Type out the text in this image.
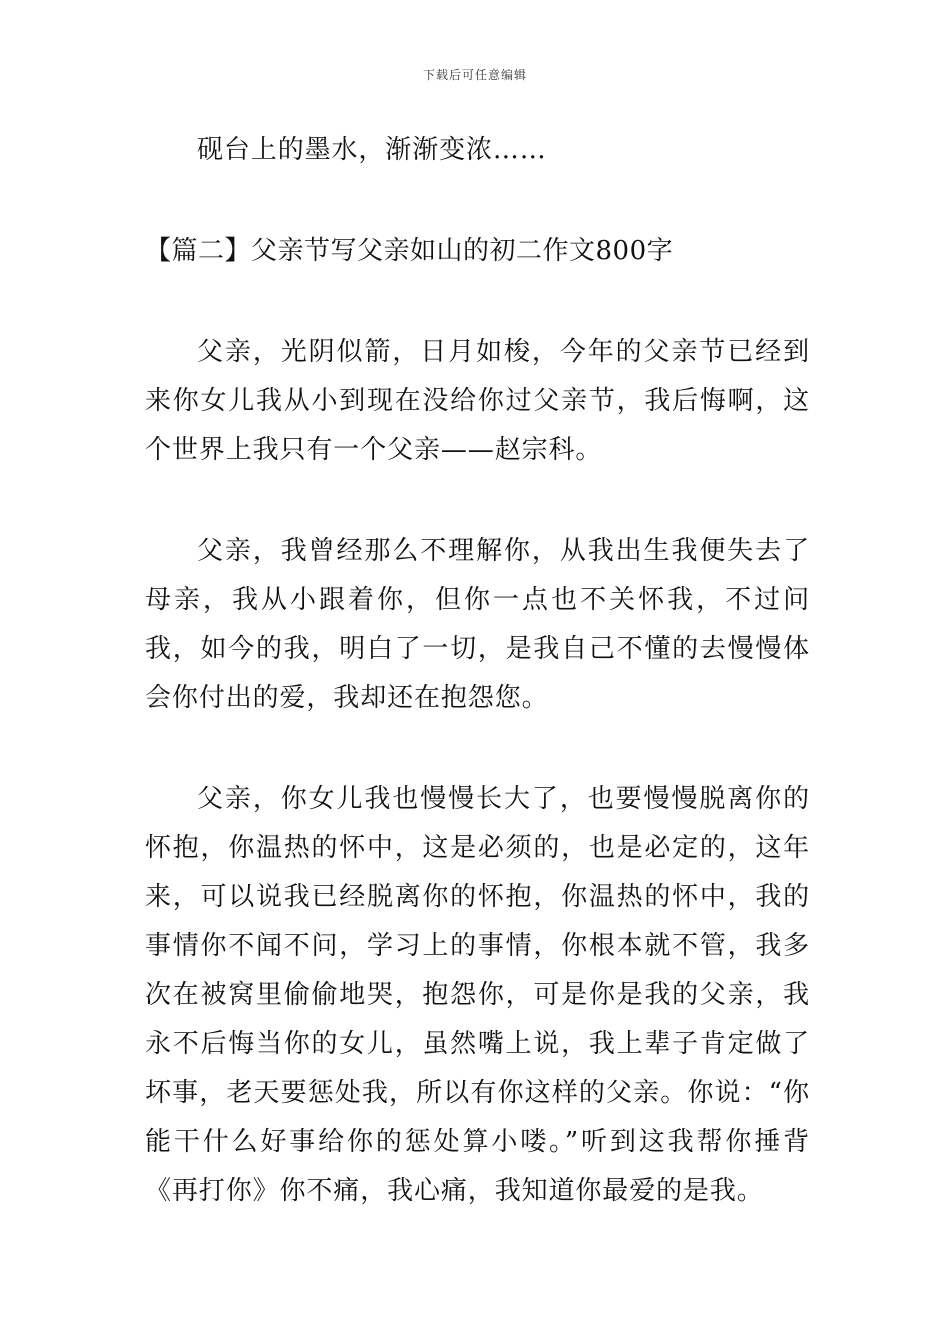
下载后可任意编辑

砚台上的墨水，渐渐变浓……

【篇二】父亲节写父亲如山的初二作文800字

父亲，光阴似箭，日月如梭，今年的父亲节已经到来你女儿我从小到现在没给你过父亲节，我后悔啊，这个世界上我只有一个父亲——赵宗科。

父亲，我曾经那么不理解你，从我出生我便失去了母亲，我从小跟着你，但你一点也不关怀我，不过问我，如今的我，明白了一切，是我自己不懂的去慢慢体会你付出的爱，我却还在抱怨您。

父亲，你女儿我也慢慢长大了，也要慢慢脱离你的怀抱，你温热的怀中，这是必须的，也是必定的，这年来，可以说我已经脱离你的怀抱，你温热的怀中，我的事情你不闻不问，学习上的事情，你根本就不管，我多次在被窝里偷偷地哭，抱怨你，可是你是我的父亲，我永不后悔当你的女儿，虽然嘴上说，我上辈子肯定做了坏事，老天要惩处我，所以有你这样的父亲。你说：“你能干什么好事给你的惩处算小喽。”听到这我帮你捶背《再打你》你不痛，我心痛，我知道你最爱的是我。
